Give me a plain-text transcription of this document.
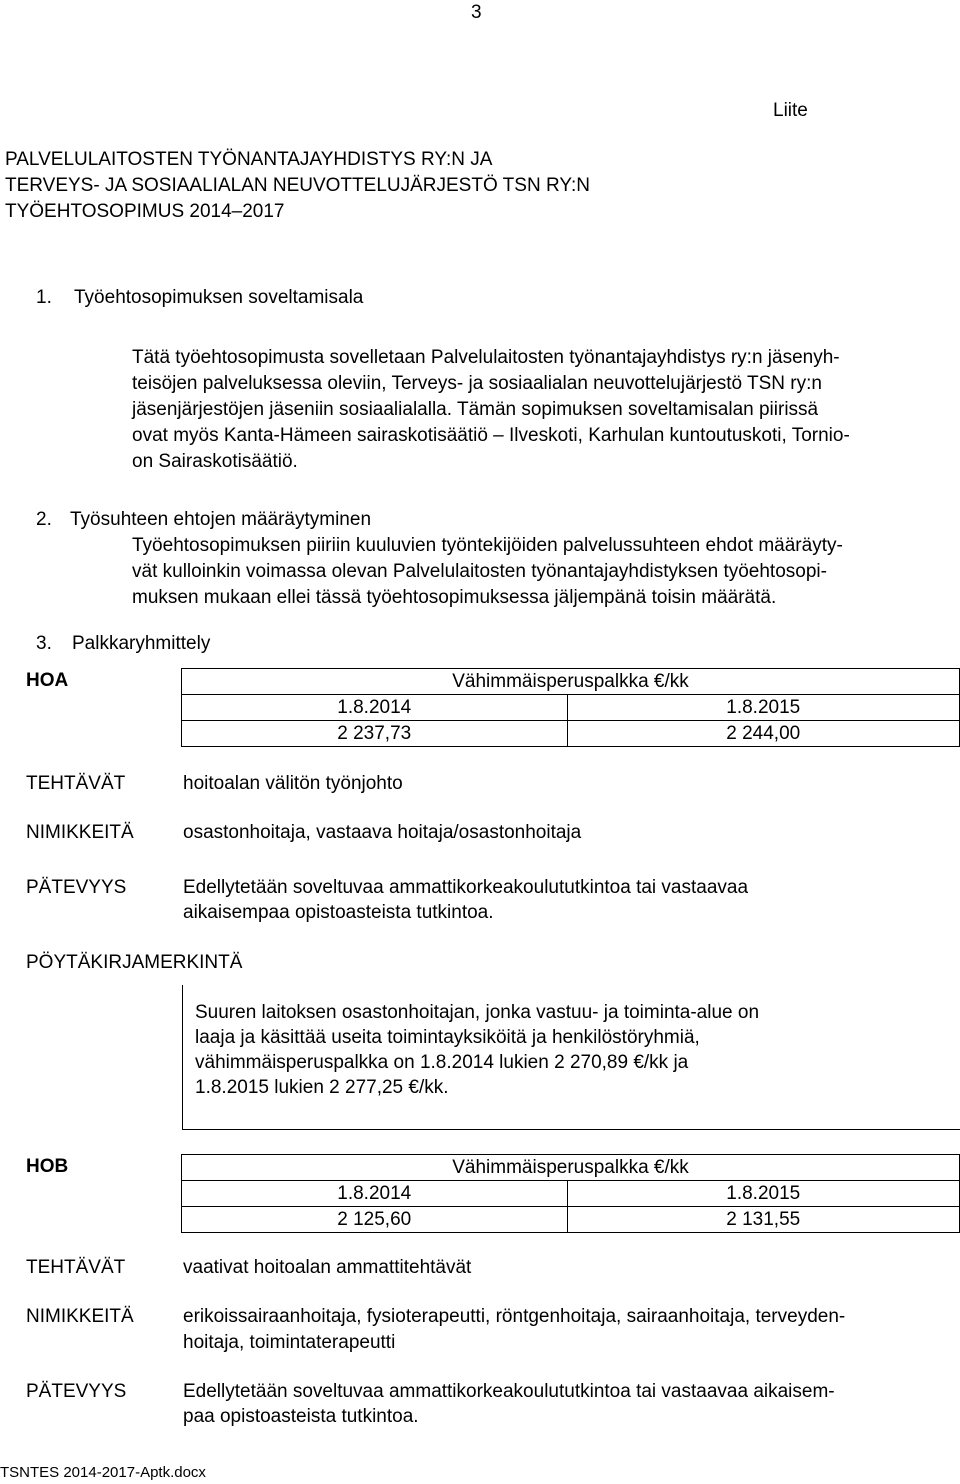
3
Liite
PALVELULAITOSTEN TYÖNANTAJAYHDISTYS RY:N JA
TERVEYS- JA SOSIAALIALAN NEUVOTTELUJÄRJESTÖ TSN RY:N
TYÖEHTOSOPIMUS 2014–2017
1. Työehtosopimuksen soveltamisala
Tätä työehtosopimusta sovelletaan Palvelulaitosten työnantajayhdistys ry:n jäsenyh-
teisöjen palveluksessa oleviin, Terveys- ja sosiaalialan neuvottelujärjestö TSN ry:n
jäsenjärjestöjen jäseniin sosiaalialalla. Tämän sopimuksen soveltamisalan piirissä
ovat myös Kanta-Hämeen sairaskotisäätiö – Ilveskoti, Karhulan kuntoutuskoti, Tornio-
on Sairaskotisäätiö.
2. Työsuhteen ehtojen määräytyminen
Työehtosopimuksen piiriin kuuluvien työntekijöiden palvelussuhteen ehdot määräyty-
vät kulloinkin voimassa olevan Palvelulaitosten työnantajayhdistyksen työehtosopi-
muksen mukaan ellei tässä työehtosopimuksessa jäljempänä toisin määrätä.
3. Palkkaryhmittely
HOA	Vähimmäisperuspalkka €/kk	
1.8.2014	1.8.2015
2 237,73	2 244,00
TEHTÄVÄT	hoitoalan välitön työnjohto
NIMIKKEITÄ	osastonhoitaja, vastaava hoitaja/osastonhoitaja
PÄTEVYYS	Edellytetään soveltuvaa ammattikorkeakoulututkintoa tai vastaavaa
aikaisempaa opistoasteista tutkintoa.
PÖYTÄKIRJAMERKINTÄ
Suuren laitoksen osastonhoitajan, jonka vastuu- ja toiminta-alue on
laaja ja käsittää useita toimintayksiköitä ja henkilöstöryhmiä,
vähimmäisperuspalkka on 1.8.2014 lukien 2 270,89 €/kk ja
1.8.2015 lukien 2 277,25 €/kk.
HOB	Vähimmäisperuspalkka €/kk	
1.8.2014	1.8.2015
2 125,60	2 131,55
TEHTÄVÄT	vaativat hoitoalan ammattitehtävät
NIMIKKEITÄ	erikoissairaanhoitaja, fysioterapeutti, röntgenhoitaja, sairaanhoitaja, terveyden-
hoitaja, toimintaterapeutti
PÄTEVYYS	Edellytetään soveltuvaa ammattikorkeakoulututkintoa tai vastaavaa aikaisem-
paa opistoasteista tutkintoa.
TSNTES 2014-2017-Aptk.docx
